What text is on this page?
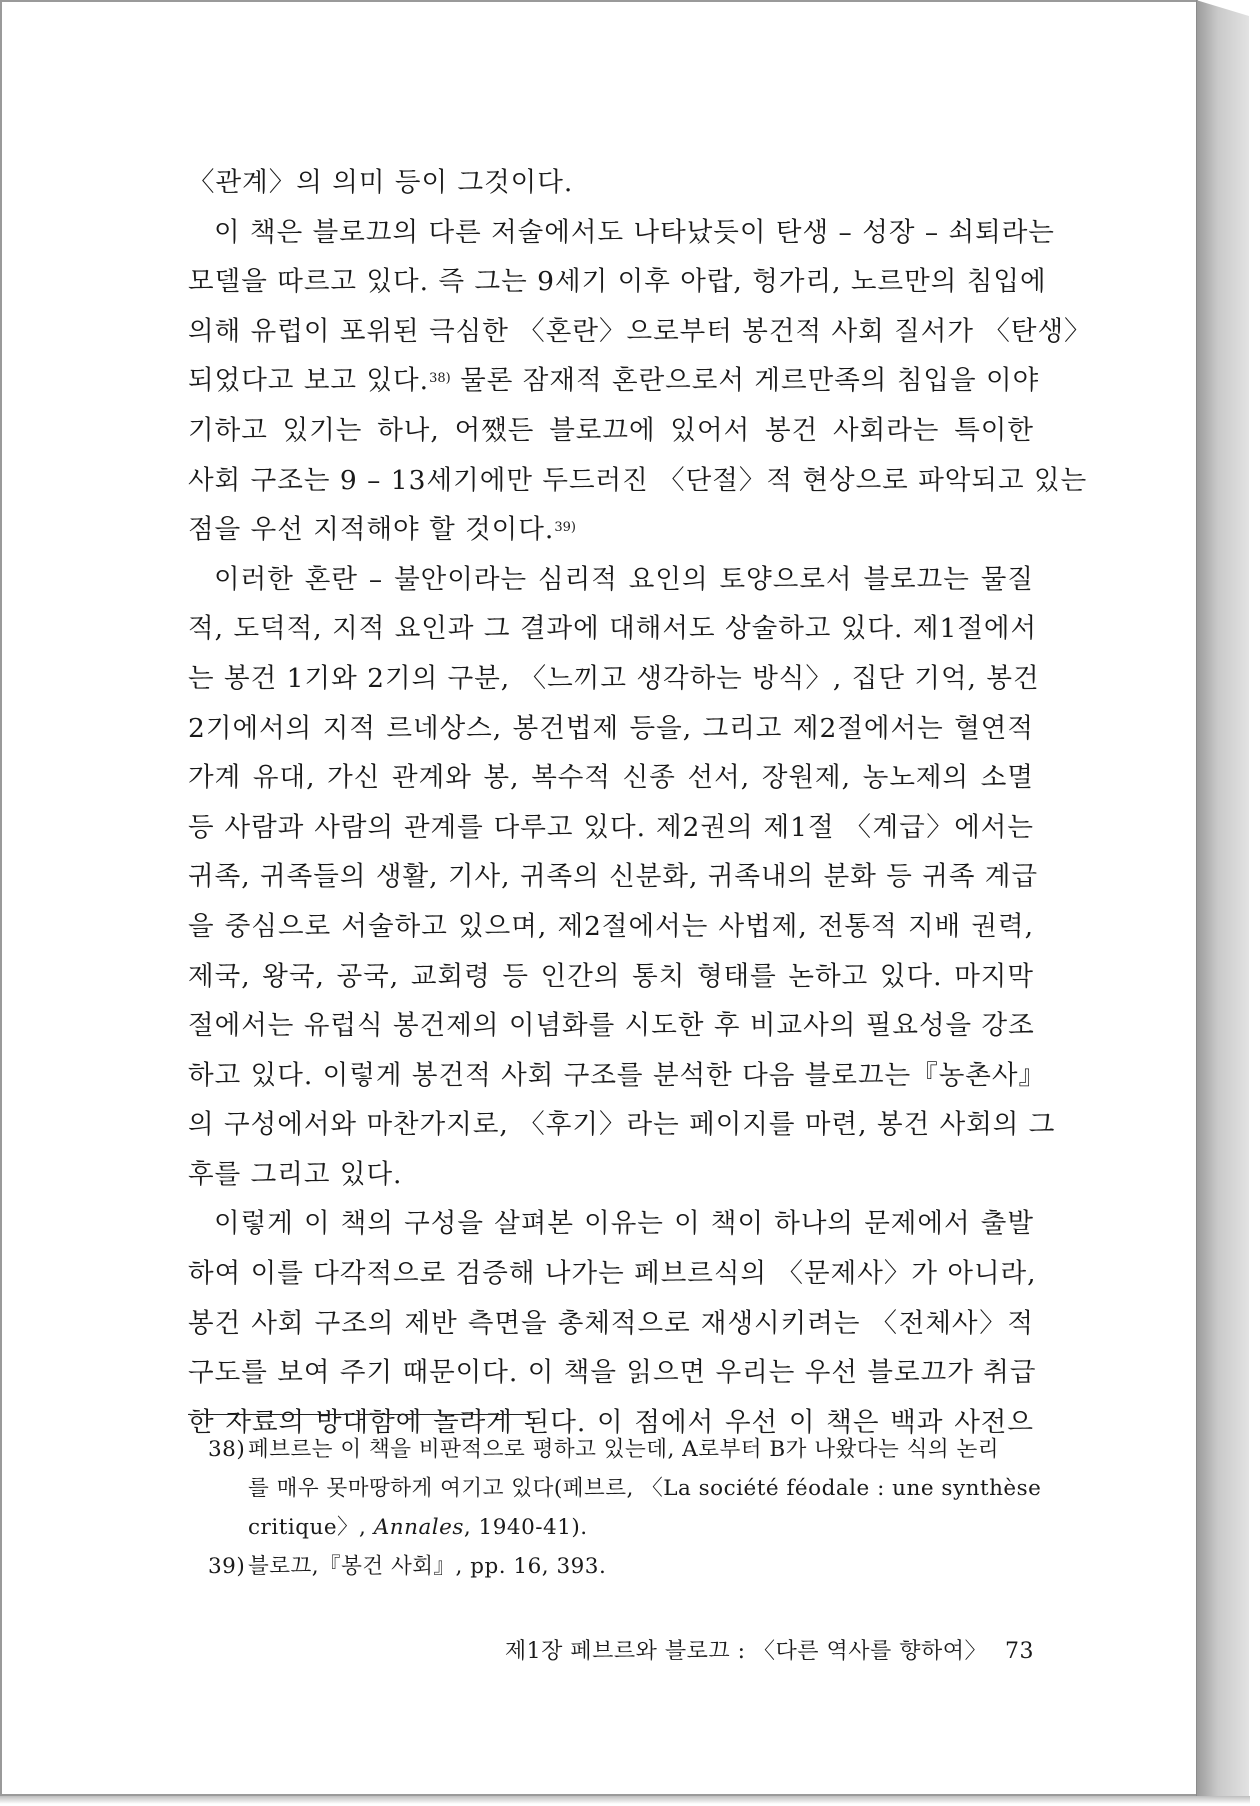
〈관계〉의 의미 등이 그것이다.
이 책은 블로끄의 다른 저술에서도 나타났듯이 탄생 – 성장 – 쇠퇴라는
모델을 따르고 있다. 즉 그는 9세기 이후 아랍, 헝가리, 노르만의 침입에
의해 유럽이 포위된 극심한 〈혼란〉으로부터 봉건적 사회 질서가 〈탄생〉
되었다고 보고 있다.$^{38)}$ 물론 잠재적 혼란으로서 게르만족의 침입을 이야
기하고 있기는 하나, 어쨌든 블로끄에 있어서 봉건 사회라는 특이한
사회 구조는 9 – 13세기에만 두드러진 〈단절〉적 현상으로 파악되고 있는
점을 우선 지적해야 할 것이다.$^{39)}$
이러한 혼란 – 불안이라는 심리적 요인의 토양으로서 블로끄는 물질
적, 도덕적, 지적 요인과 그 결과에 대해서도 상술하고 있다. 제1절에서
는 봉건 1기와 2기의 구분, 〈느끼고 생각하는 방식〉, 집단 기억, 봉건
2기에서의 지적 르네상스, 봉건법제 등을, 그리고 제2절에서는 혈연적
가계 유대, 가신 관계와 봉, 복수적 신종 선서, 장원제, 농노제의 소멸
등 사람과 사람의 관계를 다루고 있다. 제2권의 제1절 〈계급〉에서는
귀족, 귀족들의 생활, 기사, 귀족의 신분화, 귀족내의 분화 등 귀족 계급
을 중심으로 서술하고 있으며, 제2절에서는 사법제, 전통적 지배 권력,
제국, 왕국, 공국, 교회령 등 인간의 통치 형태를 논하고 있다. 마지막
절에서는 유럽식 봉건제의 이념화를 시도한 후 비교사의 필요성을 강조
하고 있다. 이렇게 봉건적 사회 구조를 분석한 다음 블로끄는『농촌사』
의 구성에서와 마찬가지로, 〈후기〉라는 페이지를 마련, 봉건 사회의 그
후를 그리고 있다.
이렇게 이 책의 구성을 살펴본 이유는 이 책이 하나의 문제에서 출발
하여 이를 다각적으로 검증해 나가는 페브르식의 〈문제사〉가 아니라,
봉건 사회 구조의 제반 측면을 총체적으로 재생시키려는 〈전체사〉적
구도를 보여 주기 때문이다. 이 책을 읽으면 우리는 우선 블로끄가 취급
한 자료의 방대함에 놀라게 된다. 이 점에서 우선 이 책은 백과 사전으
38) 페브르는 이 책을 비판적으로 평하고 있는데, A로부터 B가 나왔다는 식의 논리
를 매우 못마땅하게 여기고 있다(페브르, 〈La société féodale : une synthèse
critique〉, Annales, 1940-41).
39) 블로끄,『봉건 사회』, pp. 16, 393.
제1장 페브르와 블로끄 : 〈다른 역사를 향하여〉 73
